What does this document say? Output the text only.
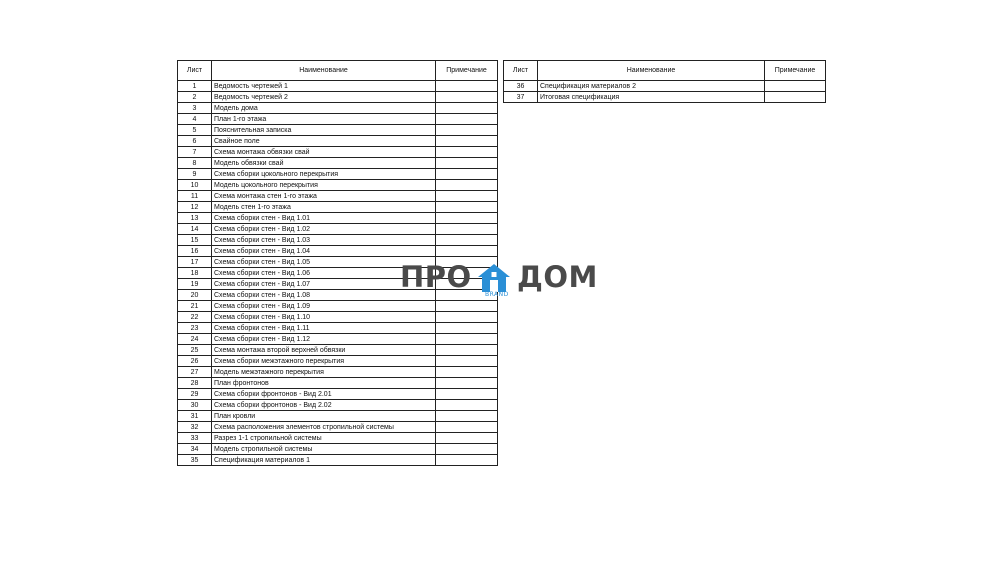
Лист	Наименование	Примечание
1	Ведомость чертежей 1	
2	Ведомость чертежей 2	
3	Модель дома	
4	План 1-го этажа	
5	Пояснительная записка	
6	Свайное поле	
7	Схема монтажа обвязки свай	
8	Модель обвязки свай	
9	Схема сборки цокольного перекрытия	
10	Модель цокольного перекрытия	
11	Схема монтажа стен 1-го этажа	
12	Модель стен 1-го этажа	
13	Схема сборки стен - Вид 1.01	
14	Схема сборки стен - Вид 1.02	
15	Схема сборки стен - Вид 1.03	
16	Схема сборки стен - Вид 1.04	
17	Схема сборки стен - Вид 1.05	
18	Схема сборки стен - Вид 1.06	
19	Схема сборки стен - Вид 1.07	
20	Схема сборки стен - Вид 1.08	
21	Схема сборки стен - Вид 1.09	
22	Схема сборки стен - Вид 1.10	
23	Схема сборки стен - Вид 1.11	
24	Схема сборки стен - Вид 1.12	
25	Схема монтажа второй верхней обвязки	
26	Схема сборки межэтажного перекрытия	
27	Модель межэтажного перекрытия	
28	План фронтонов	
29	Схема сборки фронтонов - Вид 2.01	
30	Схема сборки фронтонов - Вид 2.02	
31	План кровли	
32	Схема расположения элементов стропильной системы	
33	Разрез 1-1 стропильной системы	
34	Модель стропильной системы	
35	Спецификация материалов 1	
Лист	Наименование	Примечание
36	Спецификация материалов 2	
37	Итоговая спецификация	
ПРО
BRAND
ДОМ
